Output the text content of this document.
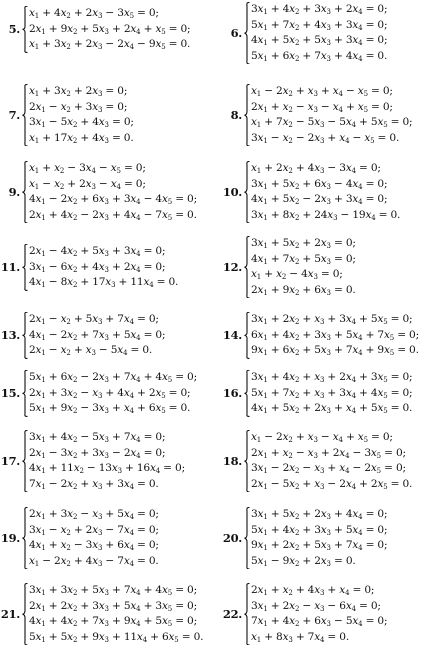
5.
$x_1 + 4x_2 + 2x_3 - 3x_5 = 0$;
$2x_1 + 9x_2 + 5x_3 + 2x_4 + x_5 = 0$;
$x_1 + 3x_2 + 2x_3 - 2x_4 - 9x_5 = 0$.
6.
$3x_1 + 4x_2 + 3x_3 + 2x_4 = 0$;
$5x_1 + 7x_2 + 4x_3 + 3x_4 = 0$;
$4x_1 + 5x_2 + 5x_3 + 3x_4 = 0$;
$5x_1 + 6x_2 + 7x_3 + 4x_4 = 0$.
7.
$x_1 + 3x_2 + 2x_3 = 0$;
$2x_1 - x_2 + 3x_3 = 0$;
$3x_1 - 5x_2 + 4x_3 = 0$;
$x_1 + 17x_2 + 4x_3 = 0$.
8.
$x_1 - 2x_2 + x_3 + x_4 - x_5 = 0$;
$2x_1 + x_2 - x_3 - x_4 + x_5 = 0$;
$x_1 + 7x_2 - 5x_3 - 5x_4 + 5x_5 = 0$;
$3x_1 - x_2 - 2x_3 + x_4 - x_5 = 0$.
9.
$x_1 + x_2 - 3x_4 - x_5 = 0$;
$x_1 - x_2 + 2x_3 - x_4 = 0$;
$4x_1 - 2x_2 + 6x_3 + 3x_4 - 4x_5 = 0$;
$2x_1 + 4x_2 - 2x_3 + 4x_4 - 7x_5 = 0$.
10.
$x_1 + 2x_2 + 4x_3 - 3x_4 = 0$;
$3x_1 + 5x_2 + 6x_3 - 4x_4 = 0$;
$4x_1 + 5x_2 - 2x_3 + 3x_4 = 0$;
$3x_1 + 8x_2 + 24x_3 - 19x_4 = 0$.
11.
$2x_1 - 4x_2 + 5x_3 + 3x_4 = 0$;
$3x_1 - 6x_2 + 4x_3 + 2x_4 = 0$;
$4x_1 - 8x_2 + 17x_3 + 11x_4 = 0$.
12.
$3x_1 + 5x_2 + 2x_3 = 0$;
$4x_1 + 7x_2 + 5x_3 = 0$;
$x_1 + x_2 - 4x_3 = 0$;
$2x_1 + 9x_2 + 6x_3 = 0$.
13.
$2x_1 - x_2 + 5x_3 + 7x_4 = 0$;
$4x_1 - 2x_2 + 7x_3 + 5x_4 = 0$;
$2x_1 - x_2 + x_3 - 5x_4 = 0$.
14.
$3x_1 + 2x_2 + x_3 + 3x_4 + 5x_5 = 0$;
$6x_1 + 4x_2 + 3x_3 + 5x_4 + 7x_5 = 0$;
$9x_1 + 6x_2 + 5x_3 + 7x_4 + 9x_5 = 0$.
15.
$5x_1 + 6x_2 - 2x_3 + 7x_4 + 4x_5 = 0$;
$2x_1 + 3x_2 - x_3 + 4x_4 + 2x_5 = 0$;
$5x_1 + 9x_2 - 3x_3 + x_4 + 6x_5 = 0$.
16.
$3x_1 + 4x_2 + x_3 + 2x_4 + 3x_5 = 0$;
$5x_1 + 7x_2 + x_3 + 3x_4 + 4x_5 = 0$;
$4x_1 + 5x_2 + 2x_3 + x_4 + 5x_5 = 0$.
17.
$3x_1 + 4x_2 - 5x_3 + 7x_4 = 0$;
$2x_1 - 3x_2 + 3x_3 - 2x_4 = 0$;
$4x_1 + 11x_2 - 13x_3 + 16x_4 = 0$;
$7x_1 - 2x_2 + x_3 + 3x_4 = 0$.
18.
$x_1 - 2x_2 + x_3 - x_4 + x_5 = 0$;
$2x_1 + x_2 - x_3 + 2x_4 - 3x_5 = 0$;
$3x_1 - 2x_2 - x_3 + x_4 - 2x_5 = 0$;
$2x_1 - 5x_2 + x_3 - 2x_4 + 2x_5 = 0$.
19.
$2x_1 + 3x_2 - x_3 + 5x_4 = 0$;
$3x_1 - x_2 + 2x_3 - 7x_4 = 0$;
$4x_1 + x_2 - 3x_3 + 6x_4 = 0$;
$x_1 - 2x_2 + 4x_3 - 7x_4 = 0$.
20.
$3x_1 + 5x_2 + 2x_3 + 4x_4 = 0$;
$5x_1 + 4x_2 + 3x_3 + 5x_4 = 0$;
$9x_1 + 2x_2 + 5x_3 + 7x_4 = 0$;
$5x_1 - 9x_2 + 2x_3 = 0$.
21.
$3x_1 + 3x_2 + 5x_3 + 7x_4 + 4x_5 = 0$;
$2x_1 + 2x_2 + 3x_3 + 5x_4 + 3x_5 = 0$;
$4x_1 + 4x_2 + 7x_3 + 9x_4 + 5x_5 = 0$;
$5x_1 + 5x_2 + 9x_3 + 11x_4 + 6x_5 = 0$.
22.
$2x_1 + x_2 + 4x_3 + x_4 = 0$;
$3x_1 + 2x_2 - x_3 - 6x_4 = 0$;
$7x_1 + 4x_2 + 6x_3 - 5x_4 = 0$;
$x_1 + 8x_3 + 7x_4 = 0$.
